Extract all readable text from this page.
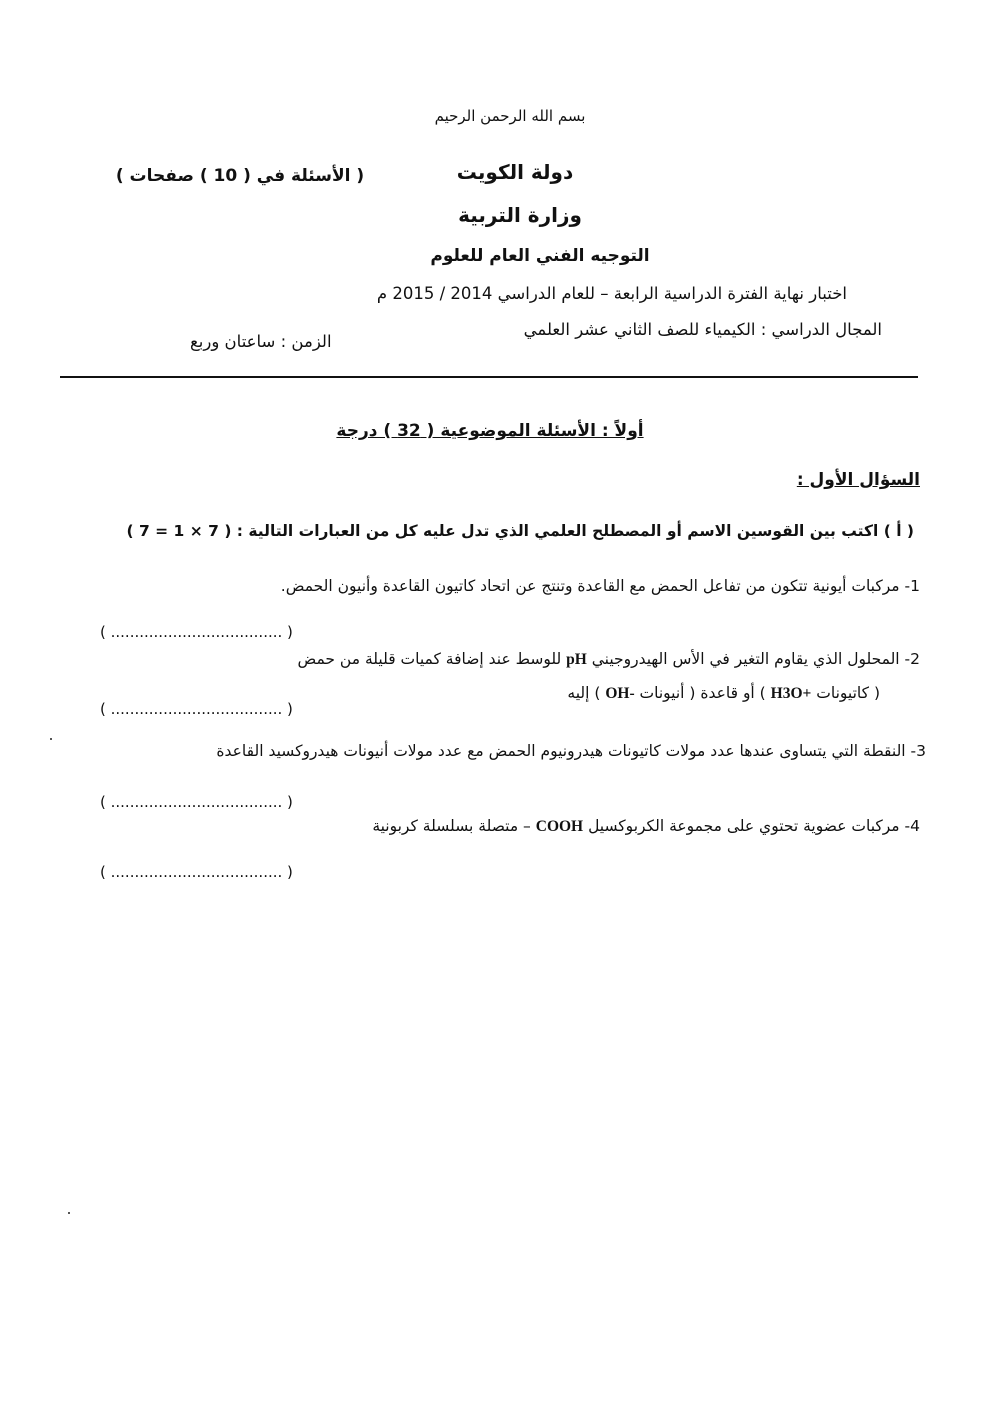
بسم الله الرحمن الرحيم
دولة الكويت
( الأسئلة في ( 10 ) صفحات )
وزارة التربية
التوجيه الفني العام للعلوم
اختبار نهاية الفترة الدراسية الرابعة – للعام الدراسي 2014 / 2015 م
المجال الدراسي : الكيمياء للصف الثاني عشر العلمي
الزمن : ساعتان وربع
أولاً : الأسئلة الموضوعية ( 32 ) درجة
السؤال الأول :
( أ ) اكتب بين القوسين الاسم أو المصطلح العلمي الذي تدل عليه كل من العبارات التالية : ( 7 × 1 = 7 )
1- مركبات أيونية تتكون من تفاعل الحمض مع القاعدة وتنتج عن اتحاد كاتيون القاعدة وأنيون الحمض.
( .................................... )
2- المحلول الذي يقاوم التغير في الأس الهيدروجيني pH للوسط عند إضافة كميات قليلة من حمض
( كاتيونات H3O+ ) أو قاعدة ( أنيونات OH- ) إليه
( .................................... )
3- النقطة التي يتساوى عندها عدد مولات كاتيونات هيدرونيوم الحمض مع عدد مولات أنيونات هيدروكسيد القاعدة
( .................................... )
4- مركبات عضوية تحتوي على مجموعة الكربوكسيل COOH – متصلة بسلسلة كربونية
( .................................... )
